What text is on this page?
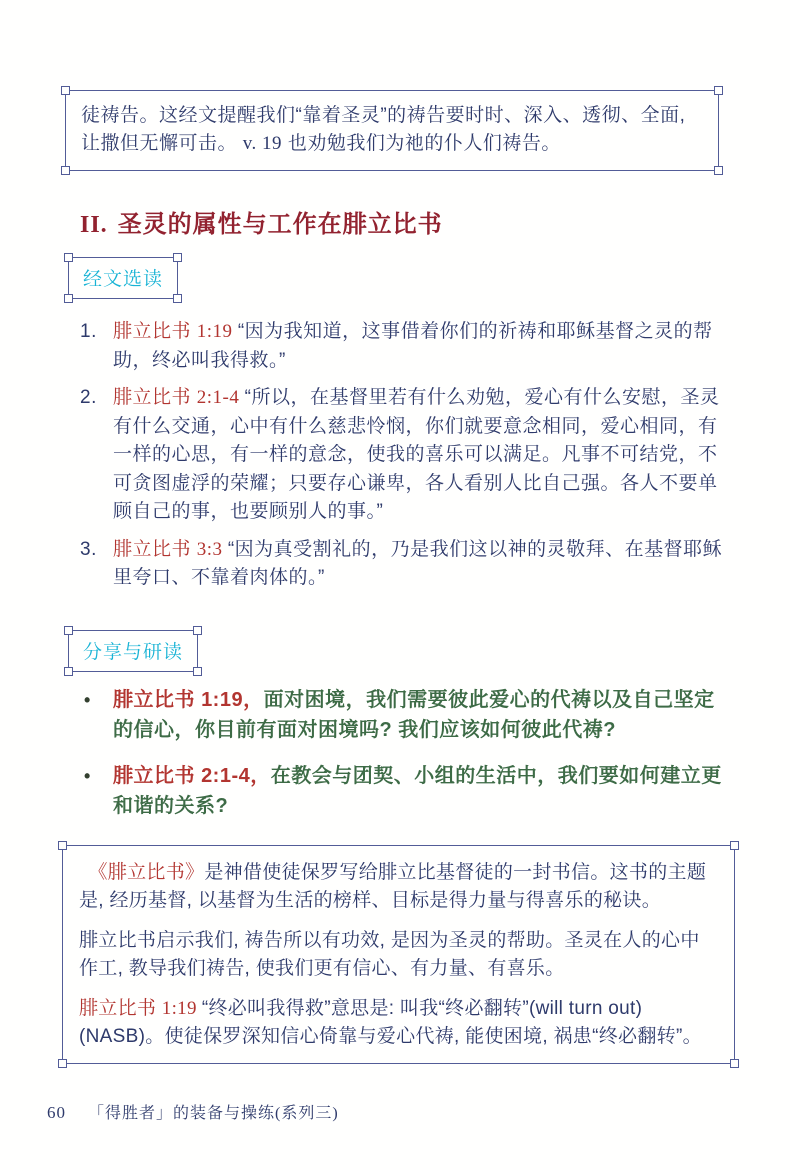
徒祷告。这经文提醒我们“靠着圣灵”的祷告要时时、深入、透彻、全面, 让撒但无懈可击。 v. 19 也劝勉我们为祂的仆人们祷告。
II. 圣灵的属性与工作在腓立比书
经文选读
1. 腓立比书 1:19 “因为我知道，这事借着你们的祈祷和耶稣基督之灵的帮助，终必叫我得救。”
2. 腓立比书 2:1-4 “所以，在基督里若有什么劝勉，爱心有什么安慰，圣灵有什么交通，心中有什么慈悲怜悯，你们就要意念相同，爱心相同，有一样的心思，有一样的意念，使我的喜乐可以满足。凡事不可结党，不可贪图虚浮的荣耀；只要存心谦卑，各人看别人比自己强。各人不要单顾自己的事，也要顾别人的事。”
3. 腓立比书 3:3 “因为真受割礼的，乃是我们这以神的灵敬拜、在基督耶稣里夸口、不靠着肉体的。”
分享与研读
•	腓立比书 1:19，面对困境，我们需要彼此爱心的代祷以及自己坚定的信心，你目前有面对困境吗? 我们应该如何彼此代祷?
•	腓立比书 2:1-4，在教会与团契、小组的生活中，我们要如何建立更和谐的关系?

《腓立比书》是神借使徒保罗写给腓立比基督徒的一封书信。这书的主题是, 经历基督, 以基督为生活的榜样、目标是得力量与得喜乐的秘诀。

腓立比书启示我们, 祷告所以有功效, 是因为圣灵的帮助。圣灵在人的心中作工, 教导我们祷告, 使我们更有信心、有力量、有喜乐。

腓立比书 1:19 “终必叫我得救”意思是: 叫我“终必翻转”(will turn out) (NASB)。使徒保罗深知信心倚靠与爱心代祷, 能使困境, 祸患“终必翻转”。

60 「得胜者」的装备与操练(系列三)
